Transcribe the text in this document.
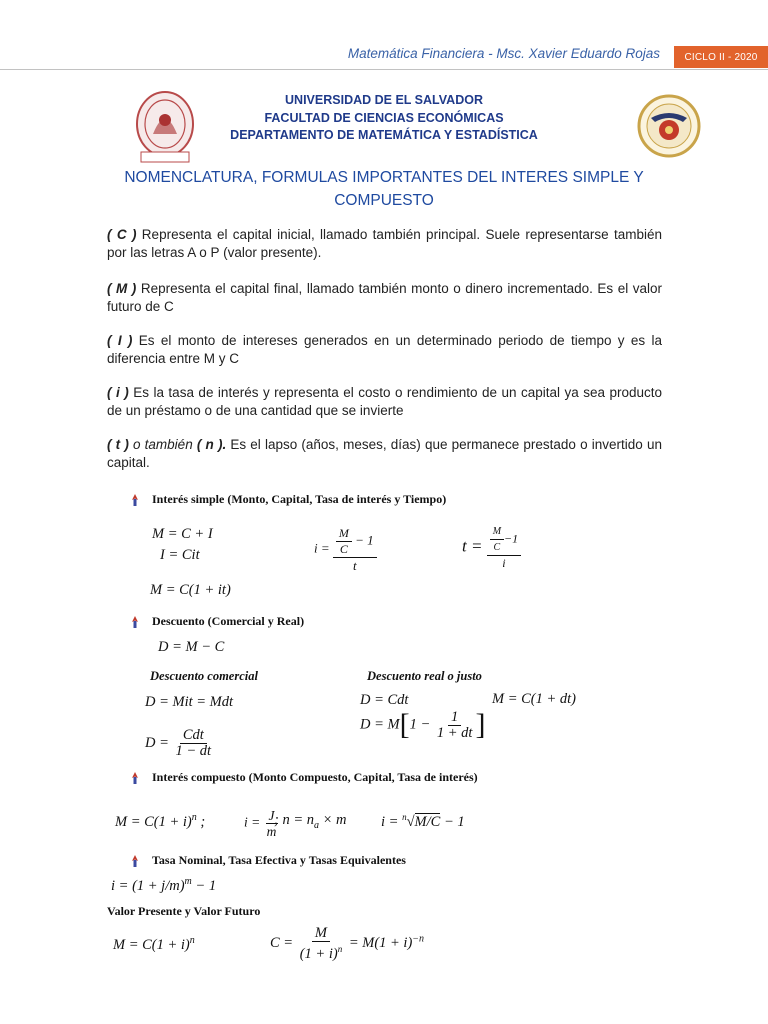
Matemática Financiera - Msc. Xavier Eduardo Rojas	CICLO II - 2020
UNIVERSIDAD DE EL SALVADOR
FACULTAD DE CIENCIAS ECONÓMICAS
DEPARTAMENTO DE MATEMÁTICA Y ESTADÍSTICA
NOMENCLATURA, FORMULAS IMPORTANTES DEL INTERES SIMPLE Y
COMPUESTO
( C ) Representa el capital inicial, llamado también principal. Suele representarse también por las letras A o P (valor presente).
( M ) Representa el capital final, llamado también monto o dinero incrementado. Es el valor futuro de C
( I ) Es el monto de intereses generados en un determinado periodo de tiempo y es la diferencia entre M y C
( i ) Es la tasa de interés y representa el costo o rendimiento de un capital ya sea producto de un préstamo o de una cantidad que se invierte
( t ) o también ( n ). Es el lapso (años, meses, días) que permanece prestado o invertido un capital.
Interés simple (Monto, Capital, Tasa de interés y Tiempo)
M = C + I
I = Cit
M = C(1 + it)
$i = \frac{\frac{M}{C} - 1}{t}$	$t = \frac{\frac{M}{C} -1}{i}$
Descuento (Comercial y Real)
D = M − C
Descuento comercial	Descuento real o justo
D = Mit = Mdt
$D = \frac{\text{Cdt}}{1 - dt}$
D = Cdt
$D = M[1 - \frac{1}{1 + dt}$ ]
M = C(1 + dt)
Interés compuesto (Monto Compuesto, Capital, Tasa de interés)
$M = C(1 + i)^n$ ;	$i = \frac{J}{m}$
; $n = n_a \times m$ i = $^n$√M/C − 1
Tasa Nominal, Tasa Efectiva y Tasas Equivalentes
$i = (1 + j/m)^m - 1$
Valor Presente y Valor Futuro
$M = C(1 + i)^n$	$C = \frac{M}{(1 + i)^n} = M(1 + i)^{-n}$
